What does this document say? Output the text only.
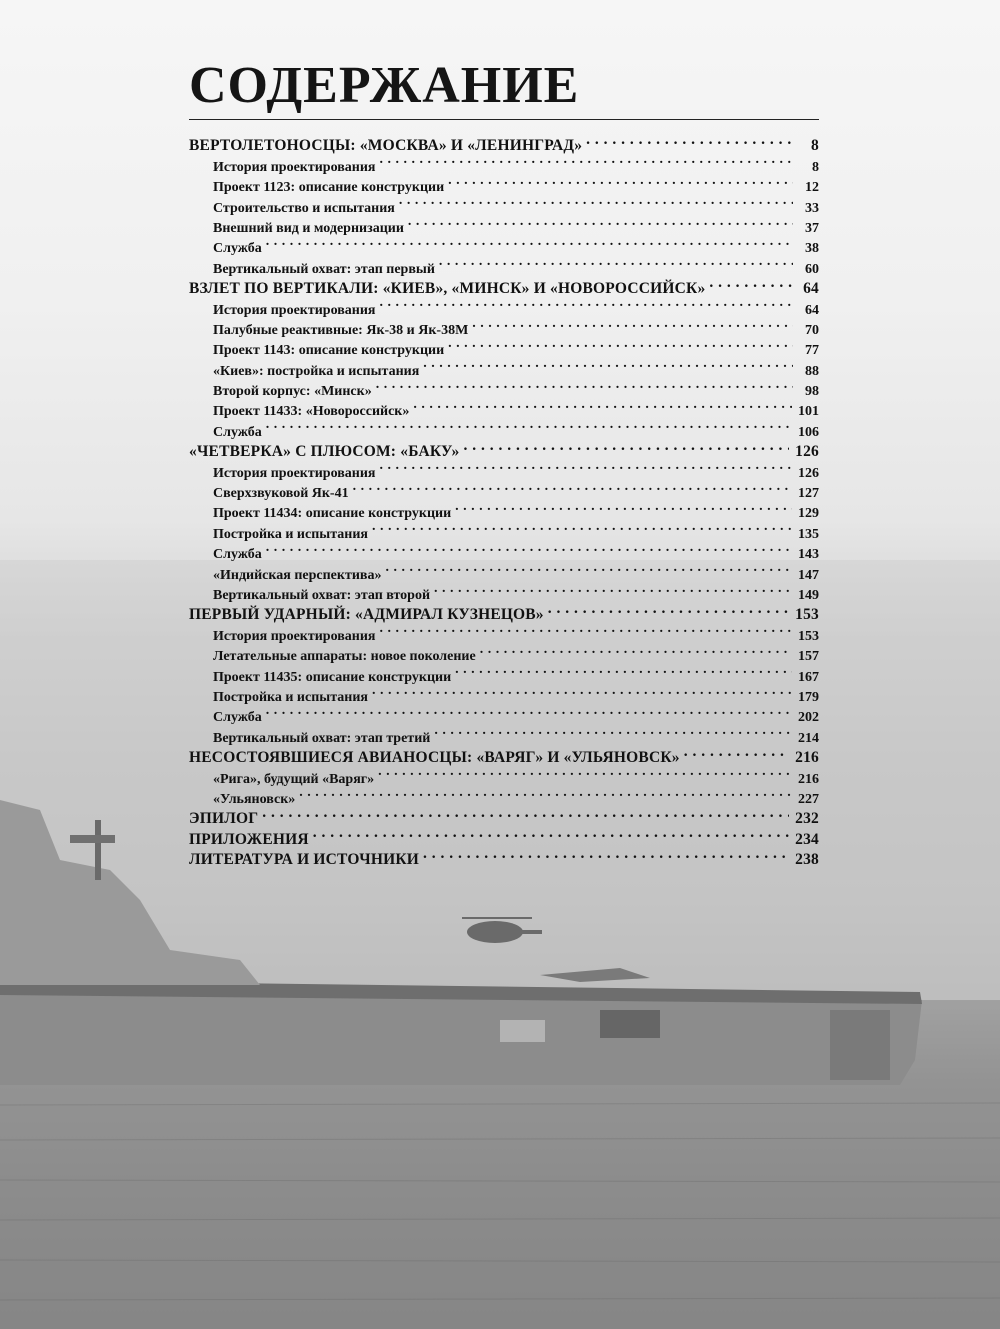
СОДЕРЖАНИЕ
ВЕРТОЛЕТОНОСЦЫ: «МОСКВА» И «ЛЕНИНГРАД» . . .	8
История проектирования . . .	8
Проект 1123: описание конструкции . . .	12
Строительство и испытания . . .	33
Внешний вид и модернизации . . .	37
Служба . . .	38
Вертикальный охват: этап первый . . .	60
ВЗЛЕТ ПО ВЕРТИКАЛИ: «КИЕВ», «МИНСК» И «НОВОРОССИЙСК» . . .	64
История проектирования . . .	64
Палубные реактивные: Як-38 и Як-38М . . .	70
Проект 1143: описание конструкции . . .	77
«Киев»: постройка и испытания . . .	88
Второй корпус: «Минск» . . .	98
Проект 11433: «Новороссийск» . . .	101
Служба . . .	106
«ЧЕТВЕРКА» С ПЛЮСОМ: «БАКУ» . . .	126
История проектирования . . .	126
Сверхзвуковой Як-41 . . .	127
Проект 11434: описание конструкции . . .	129
Постройка и испытания . . .	135
Служба . . .	143
«Индийская перспектива» . . .	147
Вертикальный охват: этап второй . . .	149
ПЕРВЫЙ УДАРНЫЙ: «АДМИРАЛ КУЗНЕЦОВ» . . .	153
История проектирования . . .	153
Летательные аппараты: новое поколение . . .	157
Проект 11435: описание конструкции . . .	167
Постройка и испытания . . .	179
Служба . . .	202
Вертикальный охват: этап третий . . .	214
НЕСОСТОЯВШИЕСЯ АВИАНОСЦЫ: «ВАРЯГ» И «УЛЬЯНОВСК» . . .	216
«Рига», будущий «Варяг» . . .	216
«Ульяновск» . . .	227
ЭПИЛОГ . . .	232
ПРИЛОЖЕНИЯ . . .	234
ЛИТЕРАТУРА И ИСТОЧНИКИ . . .	238
